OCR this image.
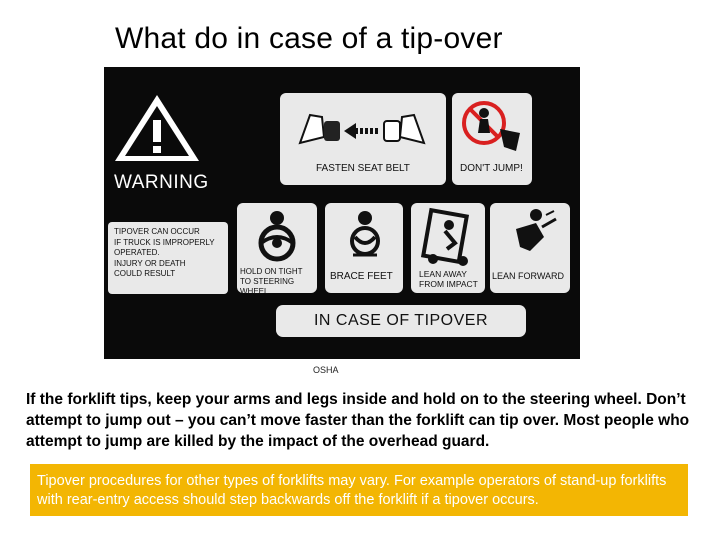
What do in case of a tip-over
WARNING
TIPOVER CAN OCCUR
IF TRUCK IS IMPROPERLY
OPERATED.
INJURY OR DEATH
COULD RESULT
FASTEN SEAT BELT	DON'T JUMP!
HOLD ON TIGHT
TO STEERING WHEEL
BRACE FEET	LEAN AWAY
FROM IMPACT
LEAN FORWARD
IN CASE OF TIPOVER
OSHA
If the forklift tips, keep your arms and legs inside and hold on to the steering wheel. Don’t attempt to jump out – you can’t move faster than the forklift can tip over. Most people who attempt to jump are killed by the impact of the overhead guard.
Tipover procedures for other types of forklifts may vary. For example operators of stand-up forklifts with rear-entry access should step backwards off the forklift if a tipover occurs.
